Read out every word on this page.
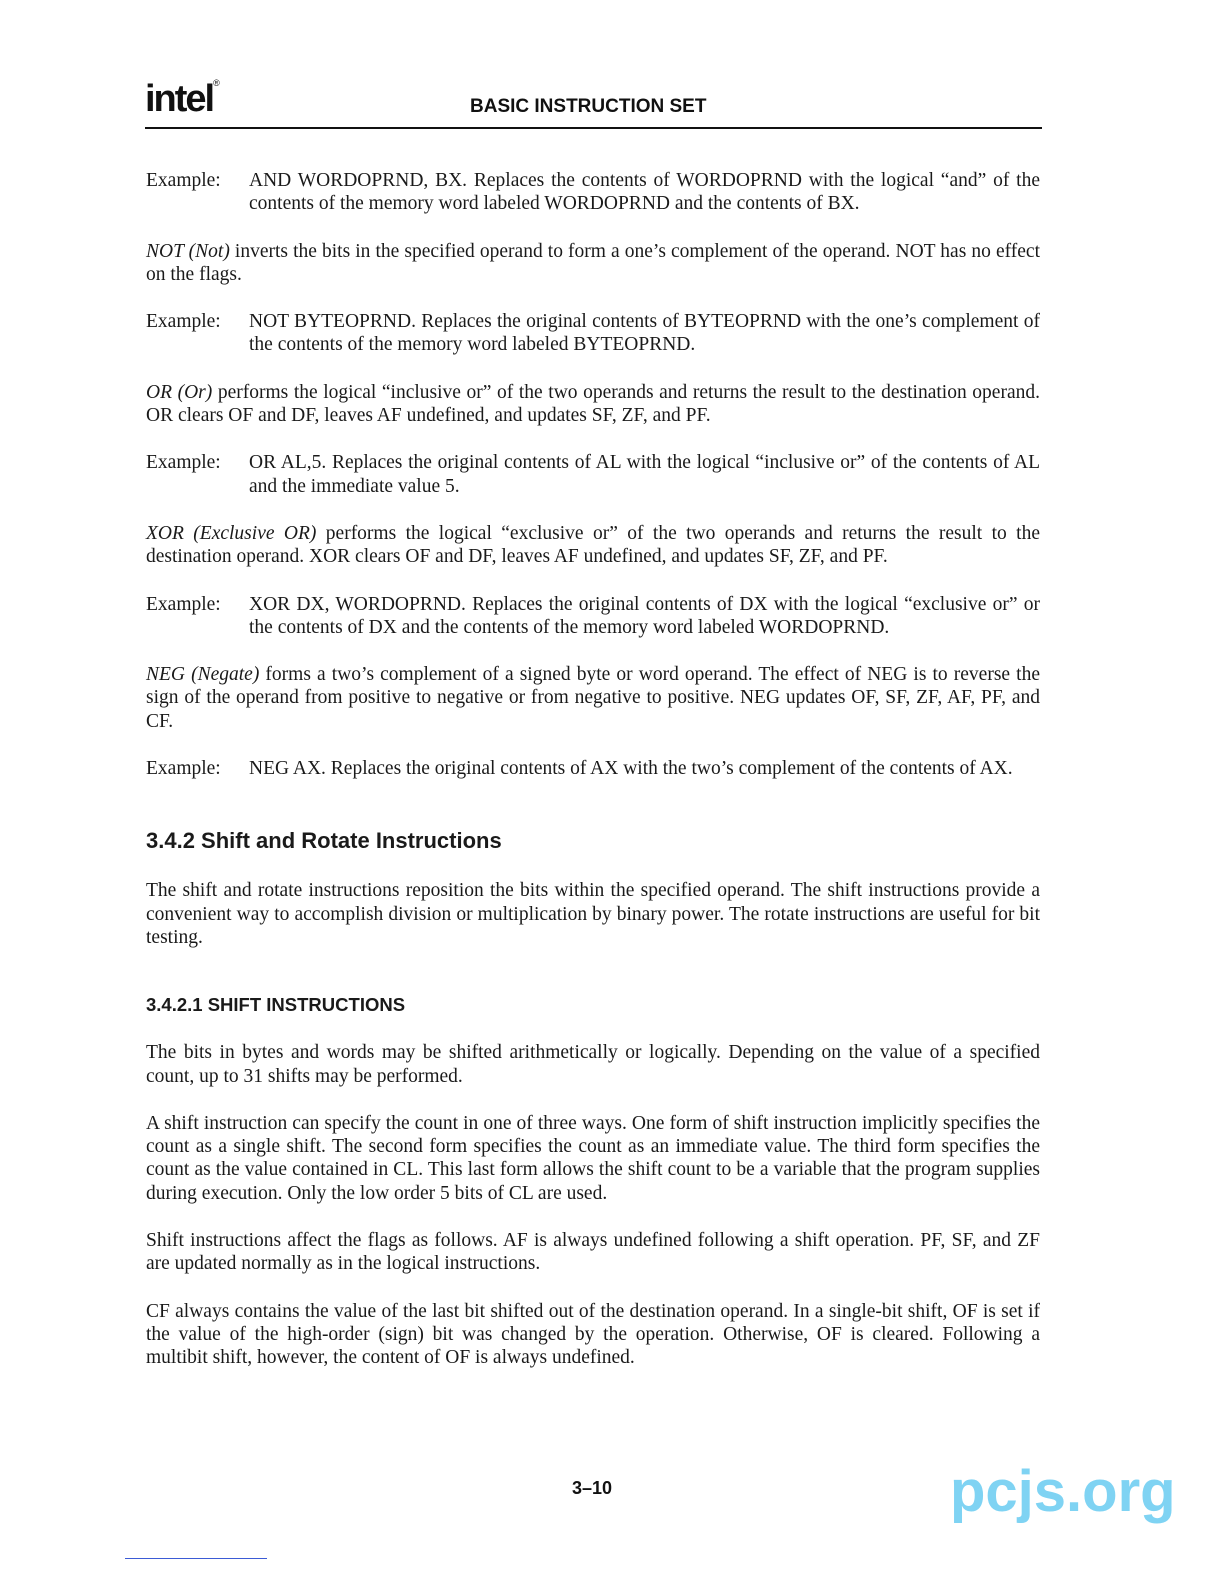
intel®
BASIC INSTRUCTION SET
Example:	AND WORDOPRND, BX. Replaces the contents of WORDOPRND with the logical “and” of the contents of the memory word labeled WORDOPRND and the contents of BX.

NOT (Not) inverts the bits in the specified operand to form a one’s complement of the operand. NOT has no effect on the flags.

Example:	NOT BYTEOPRND. Replaces the original contents of BYTEOPRND with the one’s complement of the contents of the memory word labeled BYTEOPRND.

OR (Or) performs the logical “inclusive or” of the two operands and returns the result to the destination operand. OR clears OF and DF, leaves AF undefined, and updates SF, ZF, and PF.

Example:	OR AL,5. Replaces the original contents of AL with the logical “inclusive or” of the contents of AL and the immediate value 5.

XOR (Exclusive OR) performs the logical “exclusive or” of the two operands and returns the result to the destination operand. XOR clears OF and DF, leaves AF undefined, and updates SF, ZF, and PF.

Example:	XOR DX, WORDOPRND. Replaces the original contents of DX with the logical “exclusive or” or the contents of DX and the contents of the memory word labeled WORDOPRND.

NEG (Negate) forms a two’s complement of a signed byte or word operand. The effect of NEG is to reverse the sign of the operand from positive to negative or from negative to positive. NEG updates OF, SF, ZF, AF, PF, and CF.

Example:	NEG AX. Replaces the original contents of AX with the two’s complement of the contents of AX.
3.4.2 Shift and Rotate Instructions

The shift and rotate instructions reposition the bits within the specified operand. The shift instructions provide a convenient way to accomplish division or multiplication by binary power. The rotate instructions are useful for bit testing.

3.4.2.1 SHIFT INSTRUCTIONS

The bits in bytes and words may be shifted arithmetically or logically. Depending on the value of a specified count, up to 31 shifts may be performed.

A shift instruction can specify the count in one of three ways. One form of shift instruction implicitly specifies the count as a single shift. The second form specifies the count as an immediate value. The third form specifies the count as the value contained in CL. This last form allows the shift count to be a variable that the program supplies during execution. Only the low order 5 bits of CL are used.

Shift instructions affect the flags as follows. AF is always undefined following a shift operation. PF, SF, and ZF are updated normally as in the logical instructions.

CF always contains the value of the last bit shifted out of the destination operand. In a single-bit shift, OF is set if the value of the high-order (sign) bit was changed by the operation. Otherwise, OF is cleared. Following a multibit shift, however, the content of OF is always undefined.

3–10	pcjs.org
